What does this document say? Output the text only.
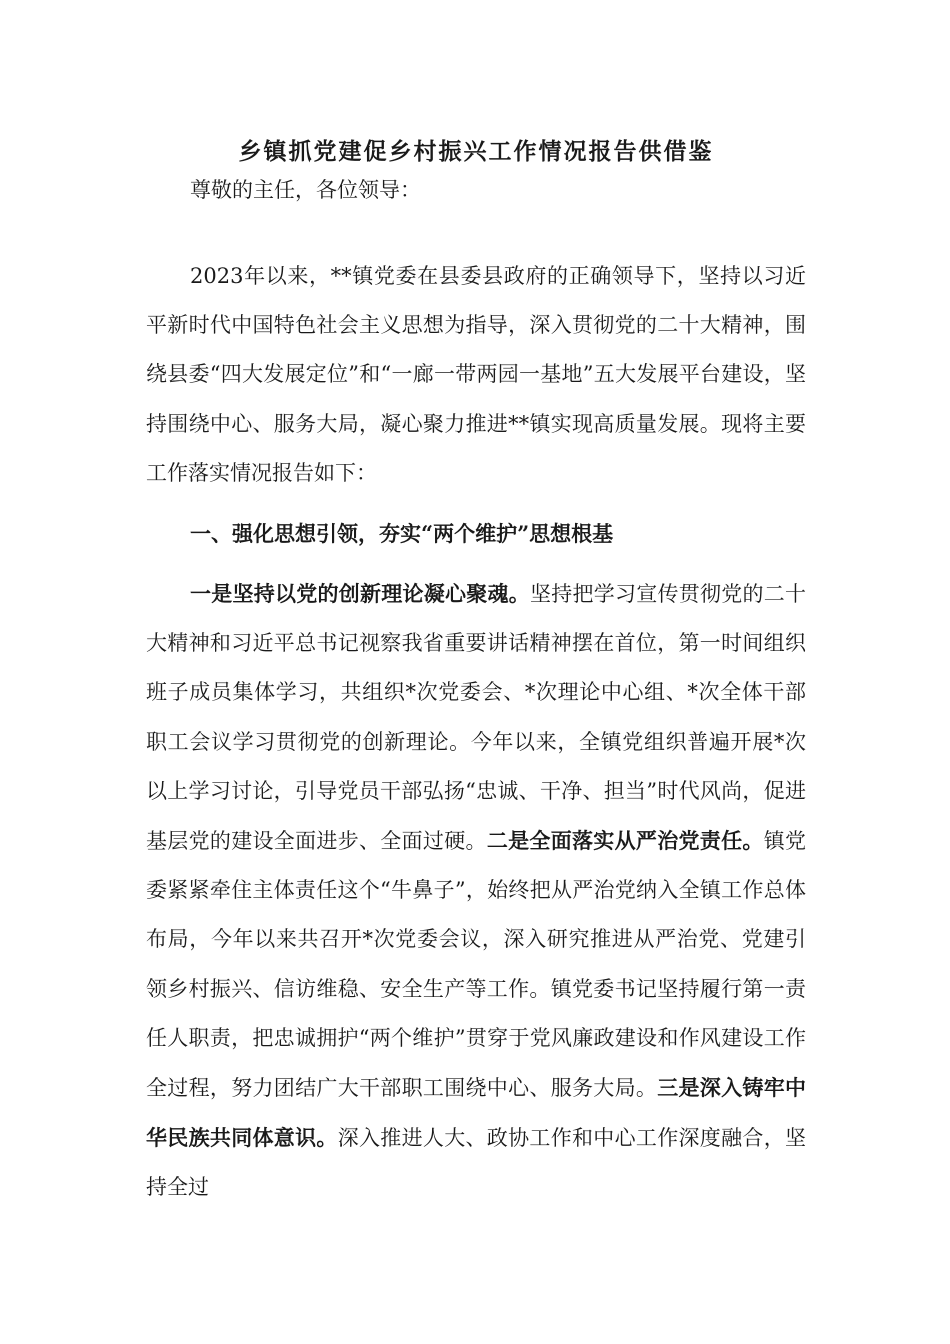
乡镇抓党建促乡村振兴工作情况报告供借鉴
尊敬的主任，各位领导：
2023年以来，**镇党委在县委县政府的正确领导下，坚持以习近平新时代中国特色社会主义思想为指导，深入贯彻党的二十大精神，围绕县委“四大发展定位”和“一廊一带两园一基地”五大发展平台建设，坚持围绕中心、服务大局，凝心聚力推进**镇实现高质量发展。现将主要工作落实情况报告如下：
一、强化思想引领，夯实“两个维护”思想根基
一是坚持以党的创新理论凝心聚魂。坚持把学习宣传贯彻党的二十大精神和习近平总书记视察我省重要讲话精神摆在首位，第一时间组织班子成员集体学习，共组织*次党委会、*次理论中心组、*次全体干部职工会议学习贯彻党的创新理论。今年以来，全镇党组织普遍开展*次以上学习讨论，引导党员干部弘扬“忠诚、干净、担当”时代风尚，促进基层党的建设全面进步、全面过硬。二是全面落实从严治党责任。镇党委紧紧牵住主体责任这个“牛鼻子”，始终把从严治党纳入全镇工作总体布局，今年以来共召开*次党委会议，深入研究推进从严治党、党建引领乡村振兴、信访维稳、安全生产等工作。镇党委书记坚持履行第一责任人职责，把忠诚拥护“两个维护”贯穿于党风廉政建设和作风建设工作全过程，努力团结广大干部职工围绕中心、服务大局。三是深入铸牢中华民族共同体意识。深入推进人大、政协工作和中心工作深度融合，坚持全过
